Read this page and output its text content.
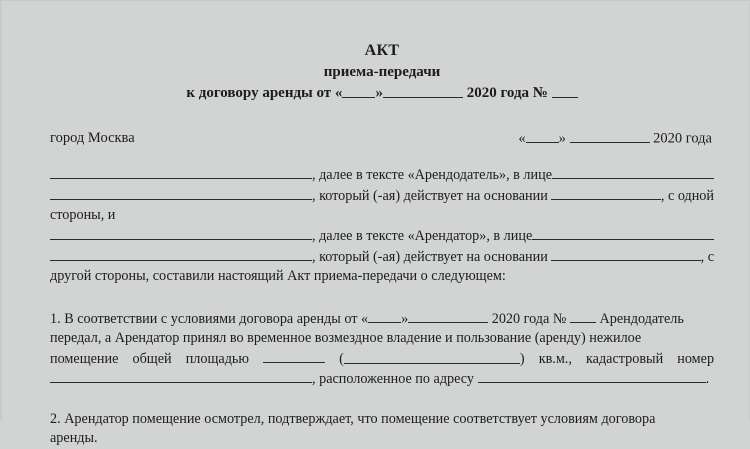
АКТ
приема-передачи
к договору аренды от « »	2020 года №
город Москва	« »	2020 года
, далее в тексте «Арендодатель», в лице
, который (-ая) действует на основании
	, с одной
стороны, и
, далее в тексте «Арендатор», в лице
, который (-ая) действует на основании
	, с
другой стороны, составили настоящий Акт приема-передачи о следующем:
1.
В соответствии с условиями договора аренды от « »
	2020 года №

Арендодатель
передал, а Арендатор принял во временное возмездное владение и пользование (аренду) нежилое
помещение общей площадью	(	) кв.м., кадастровый номер
, расположенное по адресу
	.
2.
Арендатор помещение осмотрел, подтверждает, что помещение соответствует условиям договора
аренды.
